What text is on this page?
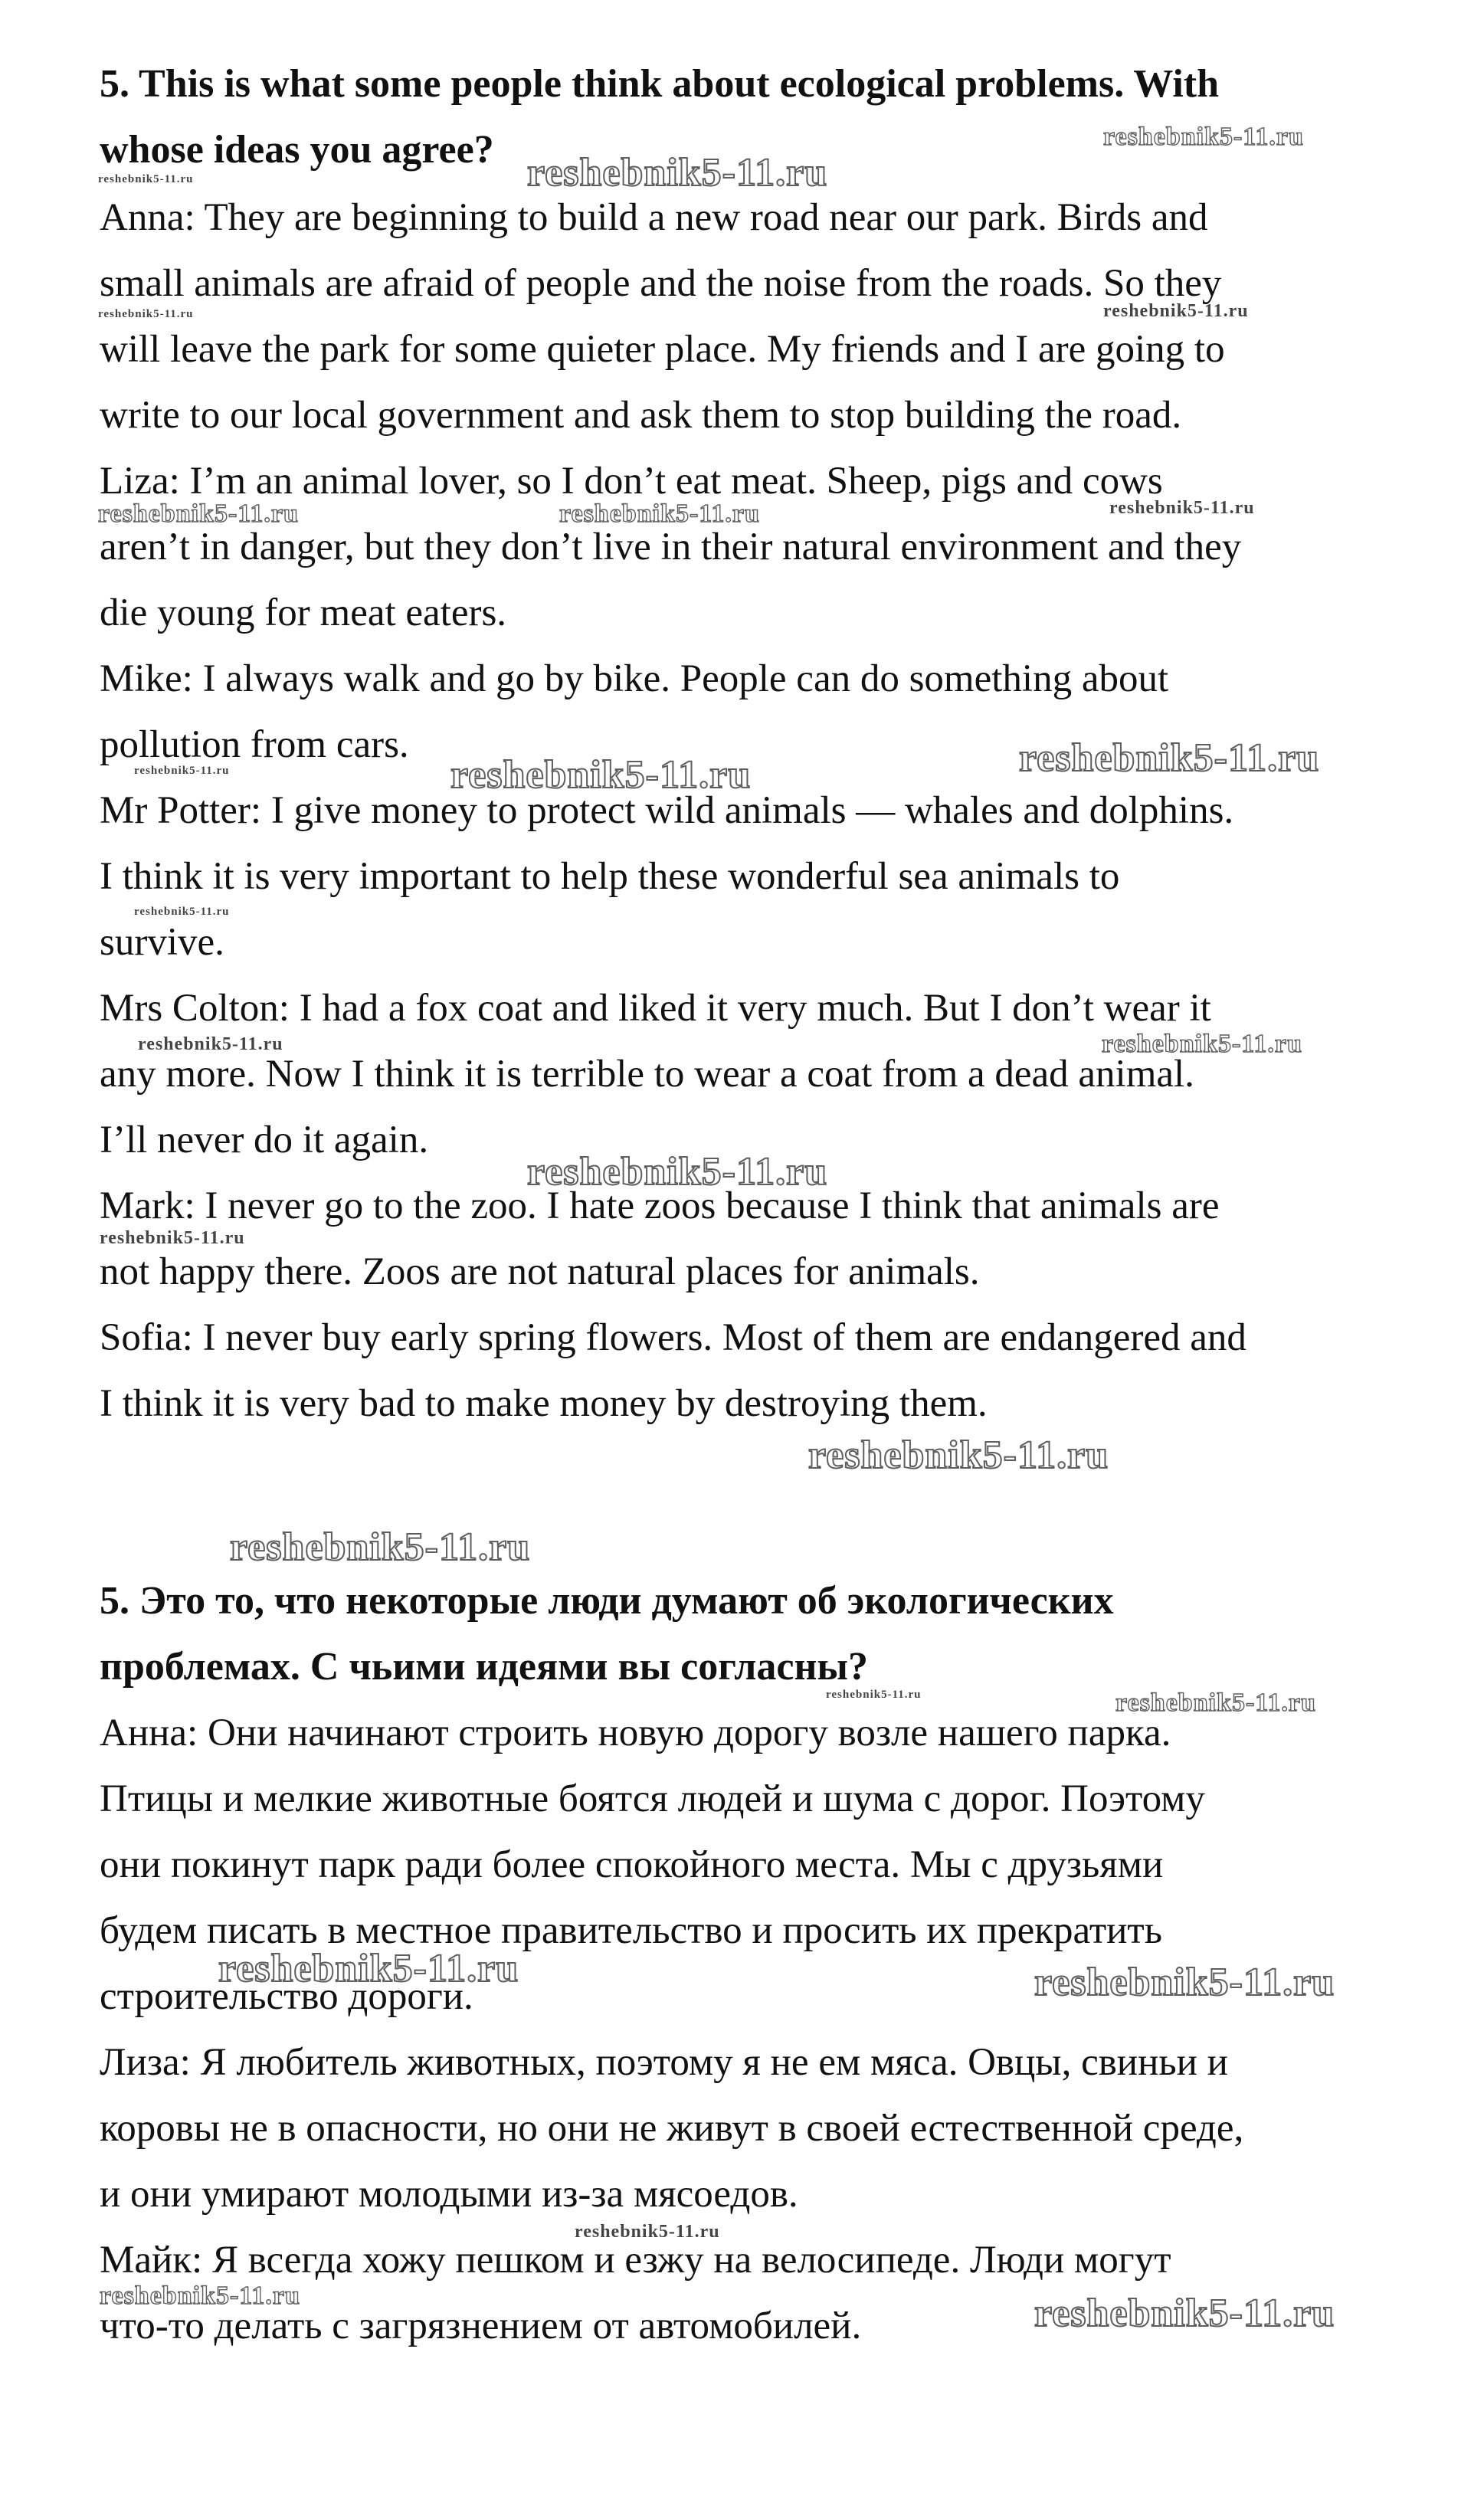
5. This is what some people think about ecological problems. With
whose ideas you agree?
Anna: They are beginning to build a new road near our park. Birds and
small animals are afraid of people and the noise from the roads. So they
will leave the park for some quieter place. My friends and I are going to
write to our local government and ask them to stop building the road.
Liza: I’m an animal lover, so I don’t eat meat. Sheep, pigs and cows
aren’t in danger, but they don’t live in their natural environment and they
die young for meat eaters.
Mike: I always walk and go by bike. People can do something about
pollution from cars.
Mr Potter: I give money to protect wild animals — whales and dolphins.
I think it is very important to help these wonderful sea animals to
survive.
Mrs Colton: I had a fox coat and liked it very much. But I don’t wear it
any more. Now I think it is terrible to wear a coat from a dead animal.
I’ll never do it again.
Mark: I never go to the zoo. I hate zoos because I think that animals are
not happy there. Zoos are not natural places for animals.
Sofia: I never buy early spring flowers. Most of them are endangered and
I think it is very bad to make money by destroying them.
5. Это то, что некоторые люди думают об экологических
проблемах. С чьими идеями вы согласны?
Анна: Они начинают строить новую дорогу возле нашего парка.
Птицы и мелкие животные боятся людей и шума с дорог. Поэтому
они покинут парк ради более спокойного места. Мы с друзьями
будем писать в местное правительство и просить их прекратить
строительство дороги.
Лиза: Я любитель животных, поэтому я не ем мяса. Овцы, свиньи и
коровы не в опасности, но они не живут в своей естественной среде,
и они умирают молодыми из-за мясоедов.
Майк: Я всегда хожу пешком и езжу на велосипеде. Люди могут
что-то делать с загрязнением от автомобилей.
reshebnik5-11.ru
reshebnik5-11.ru
reshebnik5-11.ru
reshebnik5-11.ru
reshebnik5-11.ru
reshebnik5-11.ru	reshebnik5-11.ru	reshebnik5-11.ru
reshebnik5-11.ru	reshebnik5-11.ru
reshebnik5-11.ru
reshebnik5-11.ru
reshebnik5-11.ru	reshebnik5-11.ru
reshebnik5-11.ru
reshebnik5-11.ru
reshebnik5-11.ru
reshebnik5-11.ru
reshebnik5-11.ru	reshebnik5-11.ru
reshebnik5-11.ru	reshebnik5-11.ru
reshebnik5-11.ru
reshebnik5-11.ru	reshebnik5-11.ru
